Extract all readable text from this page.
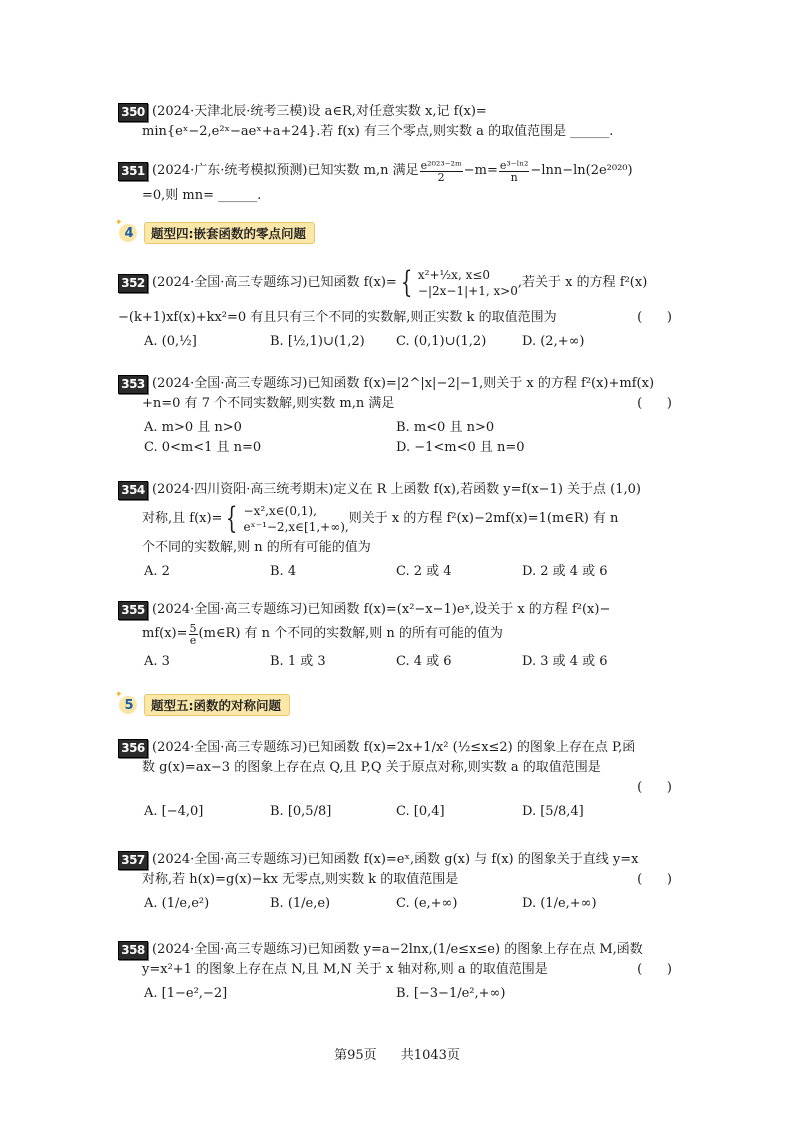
350 (2024·天津北辰·统考三模)设 a∈R,对任意实数 x,记 f(x)=
min{eˣ−2,e²ˣ−aeˣ+a+24}.若 f(x) 有三个零点,则实数 a 的取值范围是 ______.
351 (2024·广东·统考模拟预测)已知实数 m,n 满足 $\frac{\text{e²⁰²³⁻²ᵐ}}{2} -m= \frac{\text{e³⁻ˡⁿ²}}{n} -\ln n-\ln(2e^{2020})$
=0,则 mn= ______.
✦
4	题型四:嵌套函数的零点问题
352 (2024·全国·高三专题练习)已知函数 f(x)= { x²+½x, x≤0
−|2x−1|+1, x>0
,若关于 x 的方程 f²(x)
−(k+1)xf(x)+kx²=0 有且只有三个不同的实数解,则正实数 k 的取值范围为	(      )
A. (0,½]	B. [½,1)∪(1,2)	C. (0,1)∪(1,2)	D. (2,+∞)
353 (2024·全国·高三专题练习)已知函数 f(x)=|2^|x|−2|−1,则关于 x 的方程 f²(x)+mf(x)
+n=0 有 7 个不同实数解,则实数 m,n 满足	(      )
A. m>0 且 n>0	B. m<0 且 n>0
C. 0<m<1 且 n=0	D. −1<m<0 且 n=0
354 (2024·四川资阳·高三统考期末)定义在 R 上函数 f(x),若函数 y=f(x−1) 关于点 (1,0)
对称,且 f(x)= { −x²,x∈(0,1),
eˣ⁻¹−2,x∈[1,+∞),
则关于 x 的方程 f²(x)−2mf(x)=1(m∈R) 有 n
个不同的实数解,则 n 的所有可能的值为
A. 2	B. 4	C. 2 或 4	D. 2 或 4 或 6
355 (2024·全国·高三专题练习)已知函数 f(x)=(x²−x−1)eˣ,设关于 x 的方程 f²(x)−
$mf(x)= \frac{5}{e}$ (m∈R) 有 n 个不同的实数解,则 n 的所有可能的值为
A. 3	B. 1 或 3	C. 4 或 6	D. 3 或 4 或 6
✦
5	题型五:函数的对称问题
356 (2024·全国·高三专题练习)已知函数 f(x)=2x+1/x² (½≤x≤2) 的图象上存在点 P,函
数 g(x)=ax−3 的图象上存在点 Q,且 P,Q 关于原点对称,则实数 a 的取值范围是
(      )
A. [−4,0]	B. [0,5/8]	C. [0,4]	D. [5/8,4]
357 (2024·全国·高三专题练习)已知函数 f(x)=eˣ,函数 g(x) 与 f(x) 的图象关于直线 y=x
对称,若 h(x)=g(x)−kx 无零点,则实数 k 的取值范围是	(      )
A. (1/e,e²)	B. (1/e,e)	C. (e,+∞)	D. (1/e,+∞)
358 (2024·全国·高三专题练习)已知函数 y=a−2lnx,(1/e≤x≤e) 的图象上存在点 M,函数
y=x²+1 的图象上存在点 N,且 M,N 关于 x 轴对称,则 a 的取值范围是	(      )
A. [1−e²,−2]	B. [−3−1/e²,+∞)
第95页 共1043页
